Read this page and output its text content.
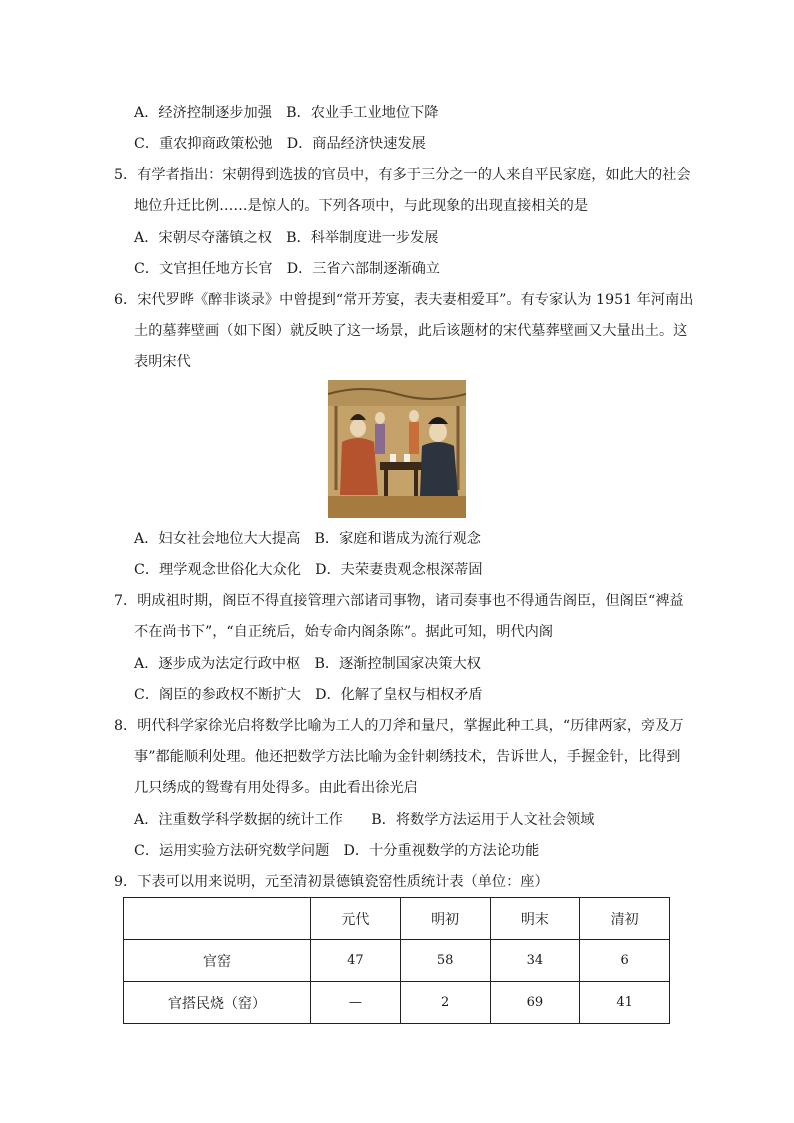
A．经济控制逐步加强　B．农业手工业地位下降
C．重农抑商政策松弛　D．商品经济快速发展
5．有学者指出：宋朝得到选拔的官员中，有多于三分之一的人来自平民家庭，如此大的社会
地位升迁比例……是惊人的。下列各项中，与此现象的出现直接相关的是
A．宋朝尽夺藩镇之权　B．科举制度进一步发展
C．文官担任地方长官　D．三省六部制逐渐确立
6．宋代罗晔《醉非谈录》中曾提到“常开芳宴，表夫妻相爱耳”。有专家认为 1951 年河南出
土的墓葬壁画（如下图）就反映了这一场景，此后该题材的宋代墓葬壁画又大量出土。这
表明宋代
A．妇女社会地位大大提高　B．家庭和谐成为流行观念
C．理学观念世俗化大众化　D．夫荣妻贵观念根深蒂固
7．明成祖时期，阁臣不得直接管理六部诸司事物，诸司奏事也不得通告阁臣，但阁臣“裨益
不在尚书下”，“自正统后，始专命内阁条陈”。据此可知，明代内阁
A．逐步成为法定行政中枢　B．逐渐控制国家决策大权
C．阁臣的参政权不断扩大　D．化解了皇权与相权矛盾
8．明代科学家徐光启将数学比喻为工人的刀斧和量尺，掌握此种工具，“历律两家，旁及万
事”都能顺利处理。他还把数学方法比喻为金针刺绣技术，告诉世人，手握金针，比得到
几只绣成的鸳鸯有用处得多。由此看出徐光启
A．注重数学科学数据的统计工作　　B．将数学方法运用于人文社会领域
C．运用实验方法研究数学问题　D．十分重视数学的方法论功能
9．下表可以用来说明，元至清初景德镇瓷窑性质统计表（单位：座）
	元代	明初	明末	清初
官窑	47	58	34	6
官搭民烧（窑）	—	2	69	41
